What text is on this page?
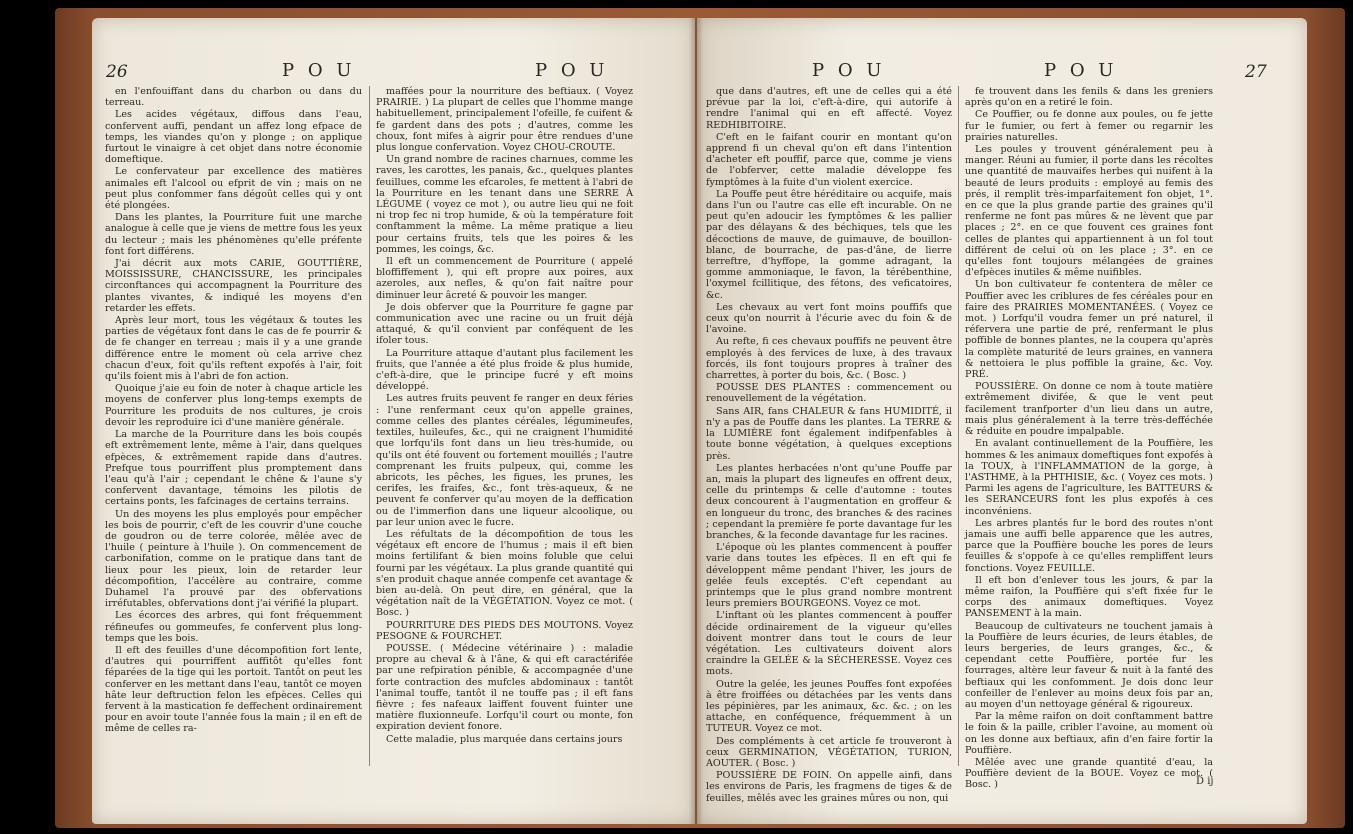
26	P O U	P O U

en l'enfouiffant dans du charbon ou dans du terreau.

Les acides végétaux, diffous dans l'eau, confervent auffi, pendant un affez long efpace de temps, les viandes qu'on y plonge ; on applique furtout le vinaigre à cet objet dans notre économie domeftique.

Le confervateur par excellence des matières animales eft l'alcool ou efprit de vin ; mais on ne peut plus confommer fans dégoût celles qui y ont été plongées.

Dans les plantes, la Pourriture fuit une marche analogue à celle que je viens de mettre fous les yeux du lecteur ; mais les phénomènes qu'elle préfente font fort différens.

J'ai décrit aux mots CARIE, GOUTTIÈRE, MOISSISSURE, CHANCISSURE, les principales circonftances qui accompagnent la Pourriture des plantes vivantes, & indiqué les moyens d'en retarder les effets.

Après leur mort, tous les végétaux & toutes les parties de végétaux font dans le cas de fe pourrir & de fe changer en terreau ; mais il y a une grande différence entre le moment où cela arrive chez chacun d'eux, foit qu'ils reftent expofés à l'air, foit qu'ils foient mis à l'abri de fon action.

Quoique j'aie eu foin de noter à chaque article les moyens de conferver plus long-temps exempts de Pourriture les produits de nos cultures, je crois devoir les reproduire ici d'une manière générale.

La marche de la Pourriture dans les bois coupés eft extrêmement lente, même à l'air, dans quelques efpèces, & extrêmement rapide dans d'autres. Prefque tous pourriffent plus promptement dans l'eau qu'à l'air ; cependant le chêne & l'aune s'y confervent davantage, témoins les pilotis de certains ponts, les fafcinages de certains terrains.

Un des moyens les plus employés pour empêcher les bois de pourrir, c'eft de les couvrir d'une couche de goudron ou de terre colorée, mêlée avec de l'huile ( peinture à l'huile ). On commencement de carbonifation, comme on le pratique dans tant de lieux pour les pieux, loin de retarder leur décompofition, l'accélère au contraire, comme Duhamel l'a prouvé par des obfervations irréfutables, obfervations dont j'ai vérifié la plupart.

Les écorces des arbres, qui font fréquemment réfineufes ou gommeufes, fe confervent plus long-temps que les bois.

Il eft des feuilles d'une décompofition fort lente, d'autres qui pourriffent auffitôt qu'elles font féparées de la tige qui les portoit. Tantôt on peut les conferver en les mettant dans l'eau, tantôt ce moyen hâte leur deftruction felon les efpèces. Celles qui fervent à la mastication fe deffechent ordinairement pour en avoir toute l'année fous la main ; il en eft de même de celles ra-

maffées pour la nourriture des beftiaux. ( Voyez PRAIRIE. ) La plupart de celles que l'homme mange habituellement, principalement l'ofeille, fe cuifent & fe gardent dans des pots ; d'autres, comme les choux, font mifes à aigrir pour être rendues d'une plus longue confervation. Voyez CHOU-CROUTE.

Un grand nombre de racines charnues, comme les raves, les carottes, les panais, &c., quelques plantes feuillues, comme les efcaroles, fe mettent à l'abri de la Pourriture en les tenant dans une SERRE À LÉGUME ( voyez ce mot ), ou autre lieu qui ne foit ni trop fec ni trop humide, & où la température foit conftamment la même. La même pratique a lieu pour certains fruits, tels que les poires & les pommes, les coings, &c.

Il eft un commencement de Pourriture ( appelé bloffiffement ), qui eft propre aux poires, aux azeroles, aux nefles, & qu'on fait naître pour diminuer leur âcreté & pouvoir les manger.

Je dois obferver que la Pourriture fe gagne par communication avec une racine ou un fruit déjà attaqué, & qu'il convient par conféquent de les ifoler tous.

La Pourriture attaque d'autant plus facilement les fruits, que l'année a été plus froide & plus humide, c'eft-à-dire, que le principe fucré y eft moins développé.

Les autres fruits peuvent fe ranger en deux féries : l'une renfermant ceux qu'on appelle graines, comme celles des plantes céréales, légumineufes, textiles, huileufes, &c., qui ne craignent l'humidité que lorfqu'ils font dans un lieu très-humide, ou qu'ils ont été fouvent ou fortement mouillés ; l'autre comprenant les fruits pulpeux, qui, comme les abricots, les pêches, les figues, les prunes, les cerifes, les fraifes, &c., font très-aqueux, & ne peuvent fe conferver qu'au moyen de la deffication ou de l'immerfion dans une liqueur alcoolique, ou par leur union avec le fucre.

Les réfultats de la décompofition de tous les végétaux eft encore de l'humus ; mais il eft bien moins fertilifant & bien moins foluble que celui fourni par les végétaux. La plus grande quantité qui s'en produit chaque année compenfe cet avantage & bien au-delà. On peut dire, en général, que la végétation naît de la VÉGÉTATION. Voyez ce mot. ( Bosc. )

POURRITURE DES PIEDS DES MOUTONS. Voyez PESOGNE & FOURCHET.

POUSSE. ( Médecine vétérinaire ) : maladie propre au cheval & à l'âne, & qui eft caractérifée par une refpiration pénible, & accompagnée d'une forte contraction des mufcles abdominaux : tantôt l'animal touffe, tantôt il ne touffe pas ; il eft fans fièvre ; fes nafeaux laiffent fouvent fuinter une matière fluxionneufe. Lorfqu'il court ou monte, fon expiration devient fonore.

Cette maladie, plus marquée dans certains jours

P O U	P O U	27

que dans d'autres, eft une de celles qui a été prévue par la loi, c'eft-à-dire, qui autorife à rendre l'animal qui en eft affecté. Voyez REDHIBITOIRE.

C'eft en le faifant courir en montant qu'on apprend fi un cheval qu'on eft dans l'intention d'acheter eft pouffif, parce que, comme je viens de l'obferver, cette maladie développe fes fymptômes à la fuite d'un violent exercice.

La Pouffe peut être héréditaire ou acquife, mais dans l'un ou l'autre cas elle eft incurable. On ne peut qu'en adoucir les fymptômes & les pallier par des délayans & des béchiques, tels que les décoctions de mauve, de guimauve, de bouillon-blanc, de bourrache, de pas-d'âne, de lierre terreftre, d'hyffope, la gomme adragant, la gomme ammoniaque, le favon, la térébenthine, l'oxymel fcillitique, des fétons, des veficatoires, &c.

Les chevaux au vert font moins pouffifs que ceux qu'on nourrit à l'écurie avec du foin & de l'avoine.

Au refte, fi ces chevaux pouffifs ne peuvent être employés à des fervices de luxe, à des travaux forcés, ils font toujours propres à traîner des charrettes, à porter du bois, &c. ( Bosc. )

POUSSE DES PLANTES : commencement ou renouvellement de la végétation.

Sans AIR, fans CHALEUR & fans HUMIDITÉ, il n'y a pas de Pouffe dans les plantes. La TERRE & la LUMIÈRE font également indifpenfables à toute bonne végétation, à quelques exceptions près.

Les plantes herbacées n'ont qu'une Pouffe par an, mais la plupart des ligneufes en offrent deux, celle du printemps & celle d'automne : toutes deux concourent à l'augmentation en groffeur & en longueur du tronc, des branches & des racines ; cependant la première fe porte davantage fur les branches, & la feconde davantage fur les racines.

L'époque où les plantes commencent à pouffer varie dans toutes les efpèces. Il en eft qui fe développent même pendant l'hiver, les jours de gelée feuls exceptés. C'eft cependant au printemps que le plus grand nombre montrent leurs premiers BOURGEONS. Voyez ce mot.

L'inftant où les plantes commencent à pouffer décide ordinairement de la vigueur qu'elles doivent montrer dans tout le cours de leur végétation. Les cultivateurs doivent alors craindre la GELÉE & la SÉCHERESSE. Voyez ces mots.

Outre la gelée, les jeunes Pouffes font expofées à être froiffées ou détachées par les vents dans les pépinières, par les animaux, &c. &c. ; on les attache, en conféquence, fréquemment à un TUTEUR. Voyez ce mot.

Des compléments à cet article fe trouveront à ceux GERMINATION, VÉGÉTATION, TURION, AOUTER. ( Bosc. )

POUSSIÈRE DE FOIN. On appelle ainfi, dans les environs de Paris, les fragmens de tiges & de feuilles, mêlés avec les graines mûres ou non, qui

fe trouvent dans les fenils & dans les greniers après qu'on en a retiré le foin.

Ce Pouffier, ou fe donne aux poules, ou fe jette fur le fumier, ou fert à femer ou regarnir les prairies naturelles.

Les poules y trouvent généralement peu à manger. Réuni au fumier, il porte dans les récoltes une quantité de mauvaifes herbes qui nuifent à la beauté de leurs produits : employé au femis des prés, il remplit très-imparfaitement fon objet, 1°. en ce que la plus grande partie des graines qu'il renferme ne font pas mûres & ne lèvent que par places ; 2°. en ce que fouvent ces graines font celles de plantes qui appartiennent à un fol tout différent de celui où on les place ; 3°. en ce qu'elles font toujours mélangées de graines d'efpèces inutiles & même nuifibles.

Un bon cultivateur fe contentera de mêler ce Pouffier avec les criblures de fes céréales pour en faire des PRAIRIES MOMENTANÉES. ( Voyez ce mot. ) Lorfqu'il voudra femer un pré naturel, il réfervera une partie de pré, renfermant le plus poffible de bonnes plantes, ne la coupera qu'après la complète maturité de leurs graines, en vannera & nettoiera le plus poffible la graine, &c. Voy. PRÉ.

POUSSIÈRE. On donne ce nom à toute matière extrêmement divifée, & que le vent peut facilement tranfporter d'un lieu dans un autre, mais plus généralement à la terre très-defféchée & réduite en poudre impalpable.

En avalant continuellement de la Pouffière, les hommes & les animaux domeftiques font expofés à la TOUX, à l'INFLAMMATION de la gorge, à l'ASTHME, à la PHTHISIE, &c. ( Voyez ces mots. ) Parmi les agens de l'agriculture, les BATTEURS & les SERANCEURS font les plus expofés à ces inconvéniens.

Les arbres plantés fur le bord des routes n'ont jamais une auffi belle apparence que les autres, parce que la Pouffière bouche les pores de leurs feuilles & s'oppofe à ce qu'elles rempliffent leurs fonctions. Voyez FEUILLE.

Il eft bon d'enlever tous les jours, & par la même raifon, la Pouffière qui s'eft fixée fur le corps des animaux domeftiques. Voyez PANSEMENT à la main.

Beaucoup de cultivateurs ne touchent jamais à la Pouffière de leurs écuries, de leurs étables, de leurs bergeries, de leurs granges, &c., & cependant cette Pouffière, portée fur les fourrages, altère leur faveur & nuit à la fanté des beftiaux qui les confomment. Je dois donc leur confeiller de l'enlever au moins deux fois par an, au moyen d'un nettoyage général & rigoureux.

Par la même raifon on doit conftamment battre le foin & la paille, cribler l'avoine, au moment où on les donne aux beftiaux, afin d'en faire fortir la Pouffière.

Mêlée avec une grande quantité d'eau, la Pouffière devient de la BOUE. Voyez ce mot. ( Bosc. )	D ij
